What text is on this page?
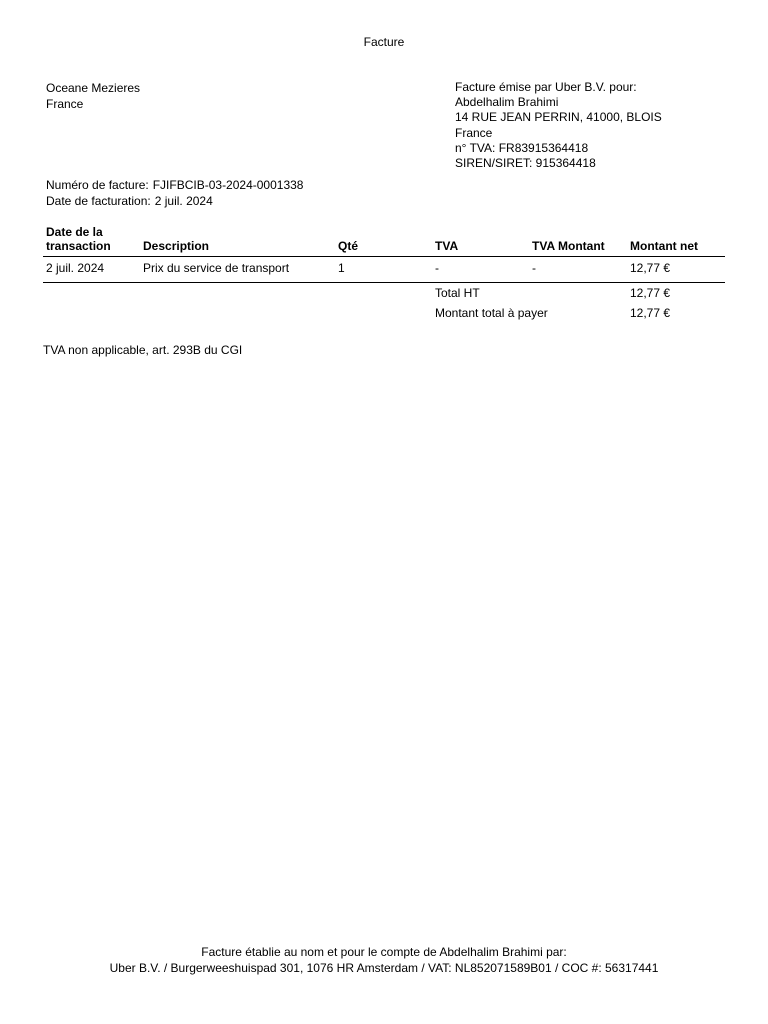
Facture
Oceane Mezieres
France
Facture émise par Uber B.V. pour:
Abdelhalim Brahimi
14 RUE JEAN PERRIN, 41000, BLOIS
France
n° TVA: FR83915364418
SIREN/SIRET: 915364418
Numéro de facture: FJIFBCIB-03-2024-0001338
Date de facturation: 2 juil. 2024
Date de la transaction	Description	Qté	TVA	TVA Montant	Montant net
2 juil. 2024	Prix du service de transport	1	-	-	12,77 €
Total HT	12,77 €
Montant total à payer	12,77 €
TVA non applicable, art. 293B du CGI
Facture établie au nom et pour le compte de Abdelhalim Brahimi par:
Uber B.V. / Burgerweeshuispad 301, 1076 HR Amsterdam / VAT: NL852071589B01 / COC #: 56317441
